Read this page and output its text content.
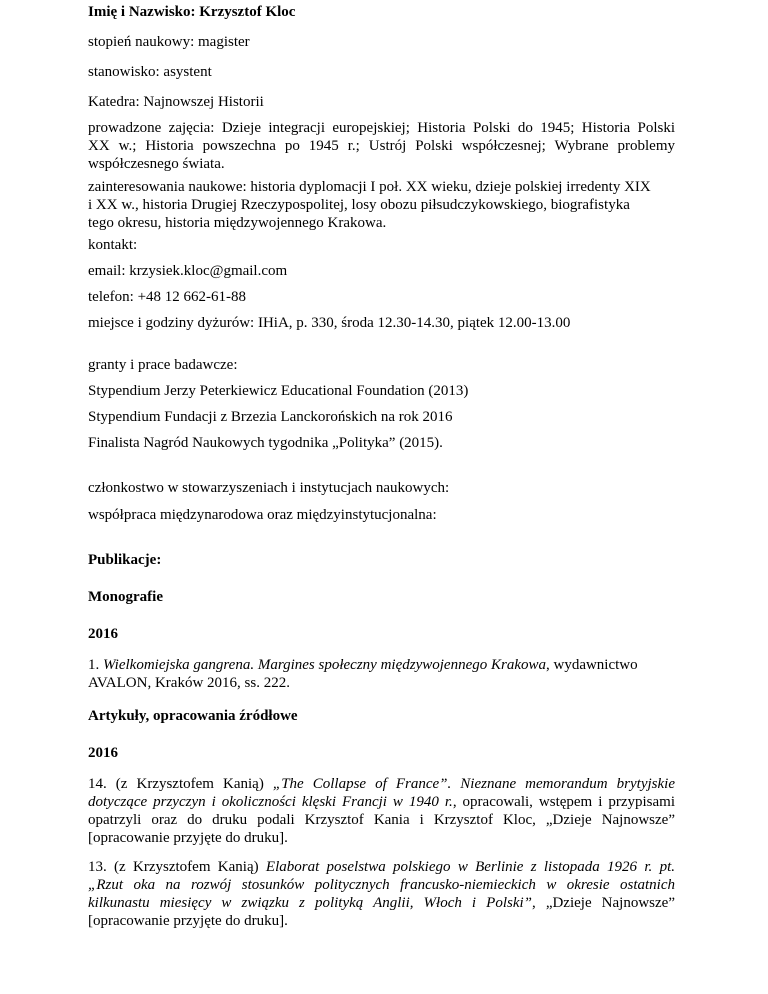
Imię i Nazwisko: Krzysztof Kloc
stopień naukowy: magister
stanowisko: asystent
Katedra: Najnowszej Historii
prowadzone zajęcia: Dzieje integracji europejskiej; Historia Polski do 1945; Historia Polski
XX w.; Historia powszechna po 1945 r.; Ustrój Polski współczesnej; Wybrane problemy
współczesnego świata.
zainteresowania naukowe: historia dyplomacji I poł. XX wieku, dzieje polskiej irredenty XIX
i XX w., historia Drugiej Rzeczypospolitej, losy obozu piłsudczykowskiego, biografistyka
tego okresu, historia międzywojennego Krakowa.
kontakt:
email: krzysiek.kloc@gmail.com
telefon: +48 12 662-61-88
miejsce i godziny dyżurów: IHiA, p. 330, środa 12.30-14.30, piątek 12.00-13.00
granty i prace badawcze:
Stypendium Jerzy Peterkiewicz Educational Foundation (2013)
Stypendium Fundacji z Brzezia Lanckorońskich na rok 2016
Finalista Nagród Naukowych tygodnika „Polityka” (2015).
członkostwo w stowarzyszeniach i instytucjach naukowych:
współpraca międzynarodowa oraz międzyinstytucjonalna:
Publikacje:
Monografie
2016
1. Wielkomiejska gangrena. Margines społeczny międzywojennego Krakowa, wydawnictwo
AVALON, Kraków 2016, ss. 222.
Artykuły, opracowania źródłowe
2016
14. (z Krzysztofem Kanią) „The Collapse of France”. Nieznane memorandum brytyjskie
dotyczące przyczyn i okoliczności klęski Francji w 1940 r., opracowali, wstępem i przypisami
opatrzyli oraz do druku podali Krzysztof Kania i Krzysztof Kloc, „Dzieje Najnowsze”
[opracowanie przyjęte do druku].
13. (z Krzysztofem Kanią) Elaborat poselstwa polskiego w Berlinie z listopada 1926 r. pt.
„Rzut oka na rozwój stosunków politycznych francusko-niemieckich w okresie ostatnich
kilkunastu miesięcy w związku z polityką Anglii, Włoch i Polski”, „Dzieje Najnowsze”
[opracowanie przyjęte do druku].
